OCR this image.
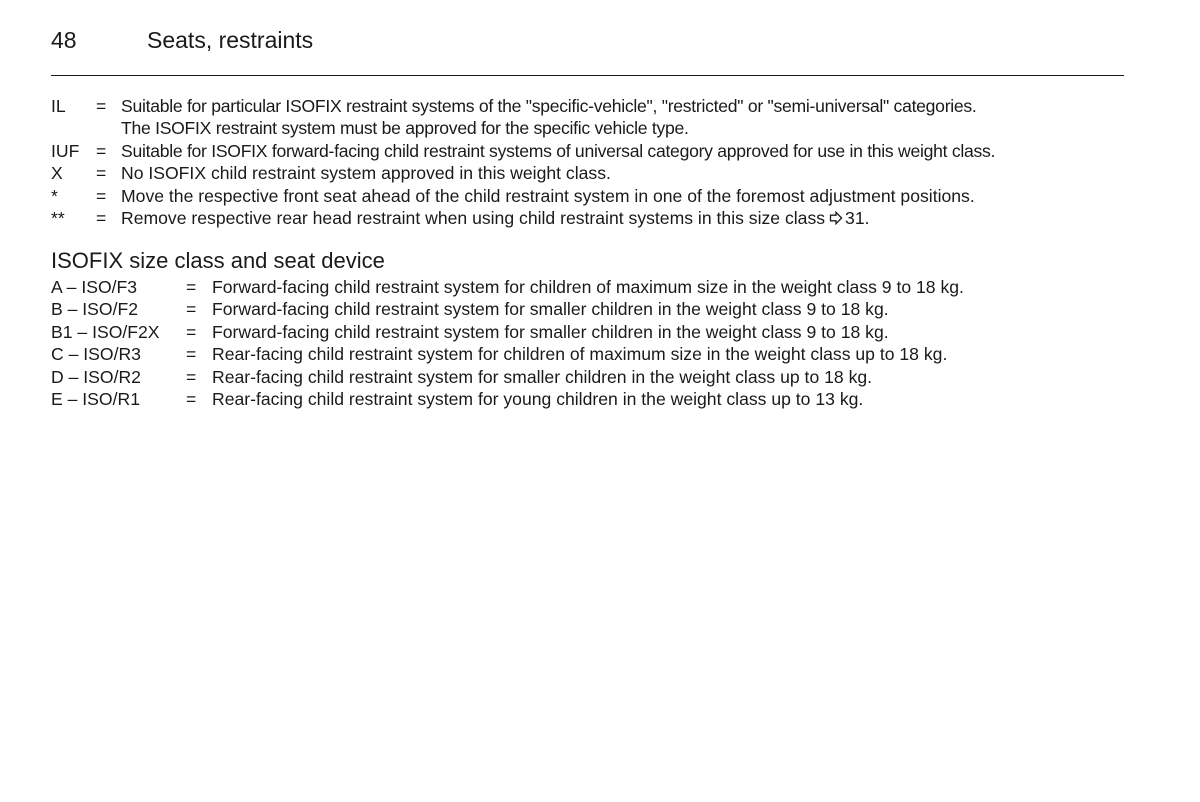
48	Seats, restraints
IL = Suitable for particular ISOFIX restraint systems of the "specific-vehicle", "restricted" or "semi-universal" categories.
The ISOFIX restraint system must be approved for the specific vehicle type.
IUF = Suitable for ISOFIX forward-facing child restraint systems of universal category approved for use in this weight class.
X = No ISOFIX child restraint system approved in this weight class.
* = Move the respective front seat ahead of the child restraint system in one of the foremost adjustment positions.
** = Remove respective rear head restraint when using child restraint systems in this size class 31.
ISOFIX size class and seat device
A – ISO/F3	= Forward-facing child restraint system for children of maximum size in the weight class 9 to 18 kg.
B – ISO/F2	= Forward-facing child restraint system for smaller children in the weight class 9 to 18 kg.
B1 – ISO/F2X = Forward-facing child restraint system for smaller children in the weight class 9 to 18 kg.
C – ISO/R3	= Rear-facing child restraint system for children of maximum size in the weight class up to 18 kg.
D – ISO/R2	= Rear-facing child restraint system for smaller children in the weight class up to 18 kg.
E – ISO/R1	= Rear-facing child restraint system for young children in the weight class up to 13 kg.
